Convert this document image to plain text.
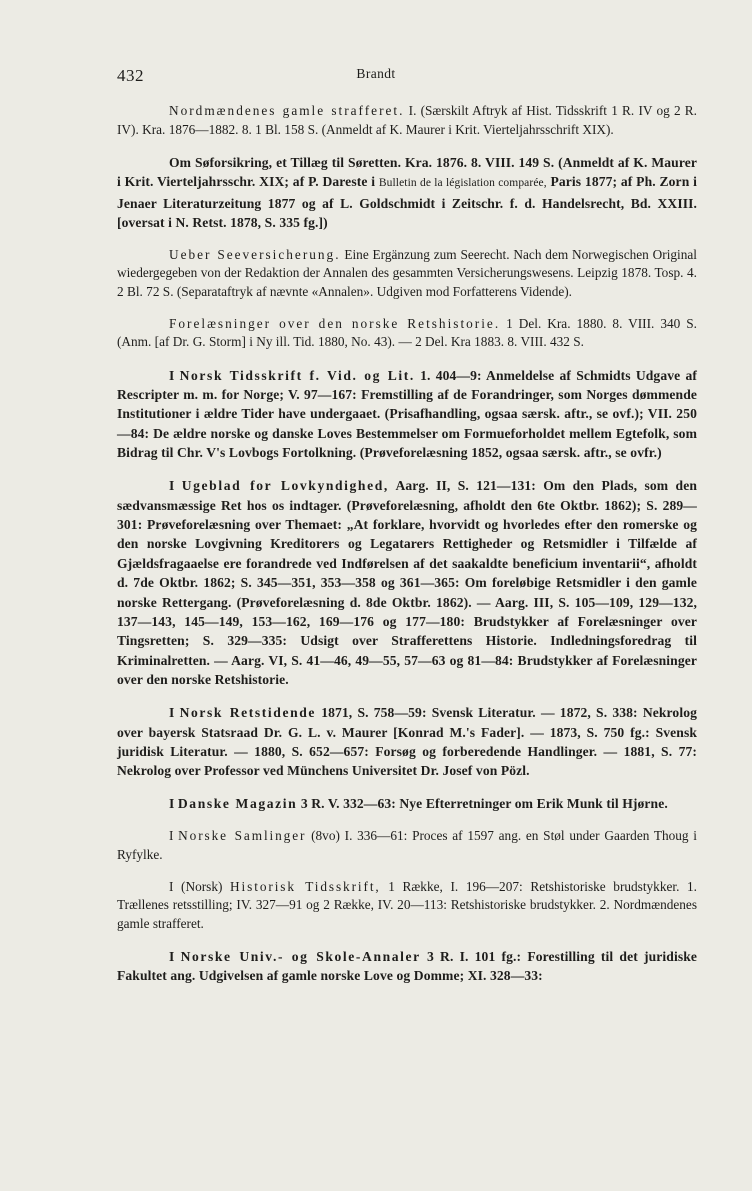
432	Brandt

Nordmændenes gamle strafferet. I. (Særskilt Aftryk af Hist. Tidsskrift 1 R. IV og 2 R. IV). Kra. 1876—1882. 8. 1 Bl. 158 S. (Anmeldt af K. Maurer i Krit. Vierteljahrsschrift XIX).

Om Søforsikring, et Tillæg til Søretten. Kra. 1876. 8. VIII. 149 S. (Anmeldt af K. Maurer i Krit. Vierteljahrsschr. XIX; af P. Dareste i Bulletin de la législation comparée, Paris 1877; af Ph. Zorn i Jenaer Literaturzeitung 1877 og af L. Goldschmidt i Zeitschr. f. d. Handelsrecht, Bd. XXIII. [oversat i N. Retst. 1878, S. 335 fg.])

Ueber Seeversicherung. Eine Ergänzung zum Seerecht. Nach dem Norwegischen Original wiedergegeben von der Redaktion der Annalen des gesammten Versicherungswesens. Leipzig 1878. Tosp. 4. 2 Bl. 72 S. (Separataftryk af nævnte «Annalen». Udgiven mod Forfatterens Vidende).

Forelæsninger over den norske Retshistorie. 1 Del. Kra. 1880. 8. VIII. 340 S. (Anm. [af Dr. G. Storm] i Ny ill. Tid. 1880, No. 43). — 2 Del. Kra 1883. 8. VIII. 432 S.

I Norsk Tidsskrift f. Vid. og Lit. 1. 404—9: Anmeldelse af Schmidts Udgave af Rescripter m. m. for Norge; V. 97—167: Fremstilling af de Forandringer, som Norges dømmende Institutioner i ældre Tider have undergaaet. (Prisafhandling, ogsaa særsk. aftr., se ovf.); VII. 250—84: De ældre norske og danske Loves Bestemmelser om Formueforholdet mellem Egtefolk, som Bidrag til Chr. V's Lovbogs Fortolkning. (Prøveforelæsning 1852, ogsaa særsk. aftr., se ovfr.)

I Ugeblad for Lovkyndighed, Aarg. II, S. 121—131: Om den Plads, som den sædvansmæssige Ret hos os indtager. (Prøveforelæsning, afholdt den 6te Oktbr. 1862); S. 289—301: Prøveforelæsning over Themaet: „At forklare, hvorvidt og hvorledes efter den romerske og den norske Lovgivning Kreditorers og Legatarers Rettigheder og Retsmidler i Tilfælde af Gjældsfragaaelse ere forandrede ved Indførelsen af det saakaldte beneficium inventarii“, afholdt d. 7de Oktbr. 1862; S. 345—351, 353—358 og 361—365: Om foreløbige Retsmidler i den gamle norske Rettergang. (Prøveforelæsning d. 8de Oktbr. 1862). — Aarg. III, S. 105—109, 129—132, 137—143, 145—149, 153—162, 169—176 og 177—180: Brudstykker af Forelæsninger over Tingsretten; S. 329—335: Udsigt over Strafferettens Historie. Indledningsforedrag til Kriminalretten. — Aarg. VI, S. 41—46, 49—55, 57—63 og 81—84: Brudstykker af Forelæsninger over den norske Retshistorie.

I Norsk Retstidende 1871, S. 758—59: Svensk Literatur. — 1872, S. 338: Nekrolog over bayersk Statsraad Dr. G. L. v. Maurer [Konrad M.'s Fader]. — 1873, S. 750 fg.: Svensk juridisk Literatur. — 1880, S. 652—657: Forsøg og forberedende Handlinger. — 1881, S. 77: Nekrolog over Professor ved Münchens Universitet Dr. Josef von Pözl.

I Danske Magazin 3 R. V. 332—63: Nye Efterretninger om Erik Munk til Hjørne.

I Norske Samlinger (8vo) I. 336—61: Proces af 1597 ang. en Støl under Gaarden Thoug i Ryfylke.

I (Norsk) Historisk Tidsskrift, 1 Række, I. 196—207: Retshistoriske brudstykker. 1. Trællenes retsstilling; IV. 327—91 og 2 Række, IV. 20—113: Retshistoriske brudstykker. 2. Nordmændenes gamle strafferet.

I Norske Univ.- og Skole-Annaler 3 R. I. 101 fg.: Forestilling til det juridiske Fakultet ang. Udgivelsen af gamle norske Love og Domme; XI. 328—33:
